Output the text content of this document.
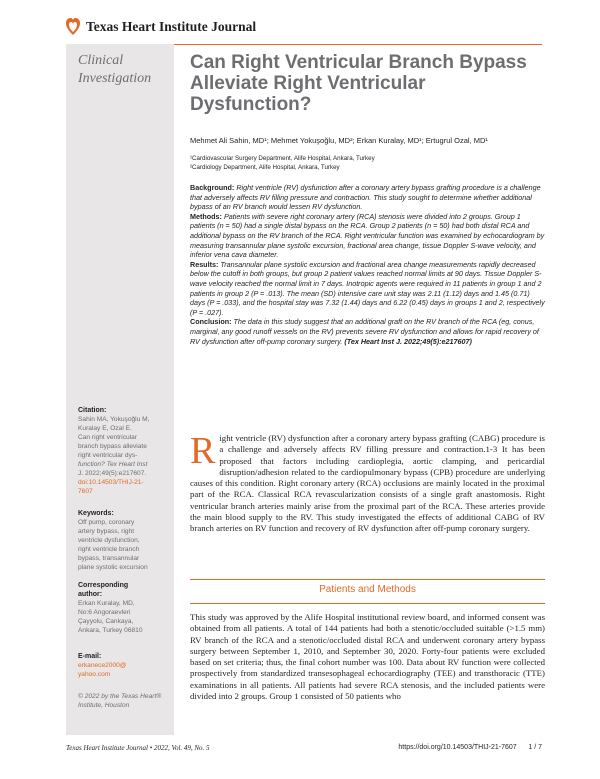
Texas Heart Institute Journal
Clinical
Investigation
Citation:
Sahin MA, Yokuşoğlu M,
Kuralay E, Ozal E.
Can right ventricular
branch bypass alleviate
right ventricular dys-
function? Tex Heart Inst
J. 2022;49(5):e217607.
doi:10.14503/THIJ-21-
7607
Keywords:
Off pump, coronary
artery bypass, right
ventricle dysfunction,
right ventricle branch
bypass, transannular
plane systolic excursion
Corresponding
author:
Erkan Kuralay, MD,
No:6 Angoraevleri
Çayyolu, Cankaya,
Ankara, Turkey 06810
E-mail:
erkanece2000@
yahoo.com
© 2022 by the Texas Heart®
Institute, Houston
Can Right Ventricular Branch Bypass Alleviate Right Ventricular Dysfunction?
Mehmet Ali Sahin, MD¹; Mehmet Yokuşoğlu, MD²; Erkan Kuralay, MD¹; Ertugrul Ozal, MD¹
¹Cardiovascular Surgery Department, Alife Hospital, Ankara, Turkey
²Cardiology Department, Alife Hospital, Ankara, Turkey

Background: Right ventricle (RV) dysfunction after a coronary artery bypass grafting procedure is a challenge that adversely affects RV filling pressure and contraction. This study sought to determine whether additional bypass of an RV branch would lessen RV dysfunction.

Methods: Patients with severe right coronary artery (RCA) stenosis were divided into 2 groups. Group 1 patients (n = 50) had a single distal bypass on the RCA. Group 2 patients (n = 50) had both distal RCA and additional bypass on the RV branch of the RCA. Right ventricular function was examined by echocardiogram by measuring transannular plane systolic excursion, fractional area change, tissue Doppler S-wave velocity, and inferior vena cava diameter.

Results: Transannular plane systolic excursion and fractional area change measurements rapidly decreased below the cutoff in both groups, but group 2 patient values reached normal limits at 90 days. Tissue Doppler S-wave velocity reached the normal limit in 7 days. Inotropic agents were required in 11 patients in group 1 and 2 patients in group 2 (P = .013). The mean (SD) intensive care unit stay was 2.11 (1.12) days and 1.45 (0.71) days (P = .033), and the hospital stay was 7.32 (1.44) days and 6.22 (0.45) days in groups 1 and 2, respectively (P = .027).

Conclusion: The data in this study suggest that an additional graft on the RV branch of the RCA (eg, conus, marginal, any good runoff vessels on the RV) prevents severe RV dysfunction and allows for rapid recovery of RV dysfunction after off-pump coronary surgery. (Tex Heart Inst J. 2022;49(5):e217607)

Right ventricle (RV) dysfunction after a coronary artery bypass grafting (CABG) procedure is a challenge and adversely affects RV filling pressure and contraction.1-3 It has been proposed that factors including cardioplegia, aortic clamping, and pericardial disruption/adhesion related to the cardiopulmonary bypass (CPB) procedure are underlying causes of this condition. Right coronary artery (RCA) occlusions are mainly located in the proximal part of the RCA. Classical RCA revascularization consists of a single graft anastomosis. Right ventricular branch arteries mainly arise from the proximal part of the RCA. These arteries provide the main blood supply to the RV. This study investigated the effects of additional CABG of RV branch arteries on RV function and recovery of RV dysfunction after off-pump coronary surgery.
Patients and Methods
This study was approved by the Alife Hospital institutional review board, and informed consent was obtained from all patients. A total of 144 patients had both a stenotic/occluded suitable (>1.5 mm) RV branch of the RCA and a stenotic/occluded distal RCA and underwent coronary artery bypass surgery between September 1, 2010, and September 30, 2020. Forty-four patients were excluded based on set criteria; thus, the final cohort number was 100. Data about RV function were collected prospectively from standardized transesophageal echocardiography (TEE) and transthoracic (TTE) examinations in all patients. All patients had severe RCA stenosis, and the included patients were divided into 2 groups. Group 1 consisted of 50 patients who
Texas Heart Institute Journal • 2022, Vol. 49, No. 5	https://doi.org/10.14503/THIJ-21-7607 1 / 7
